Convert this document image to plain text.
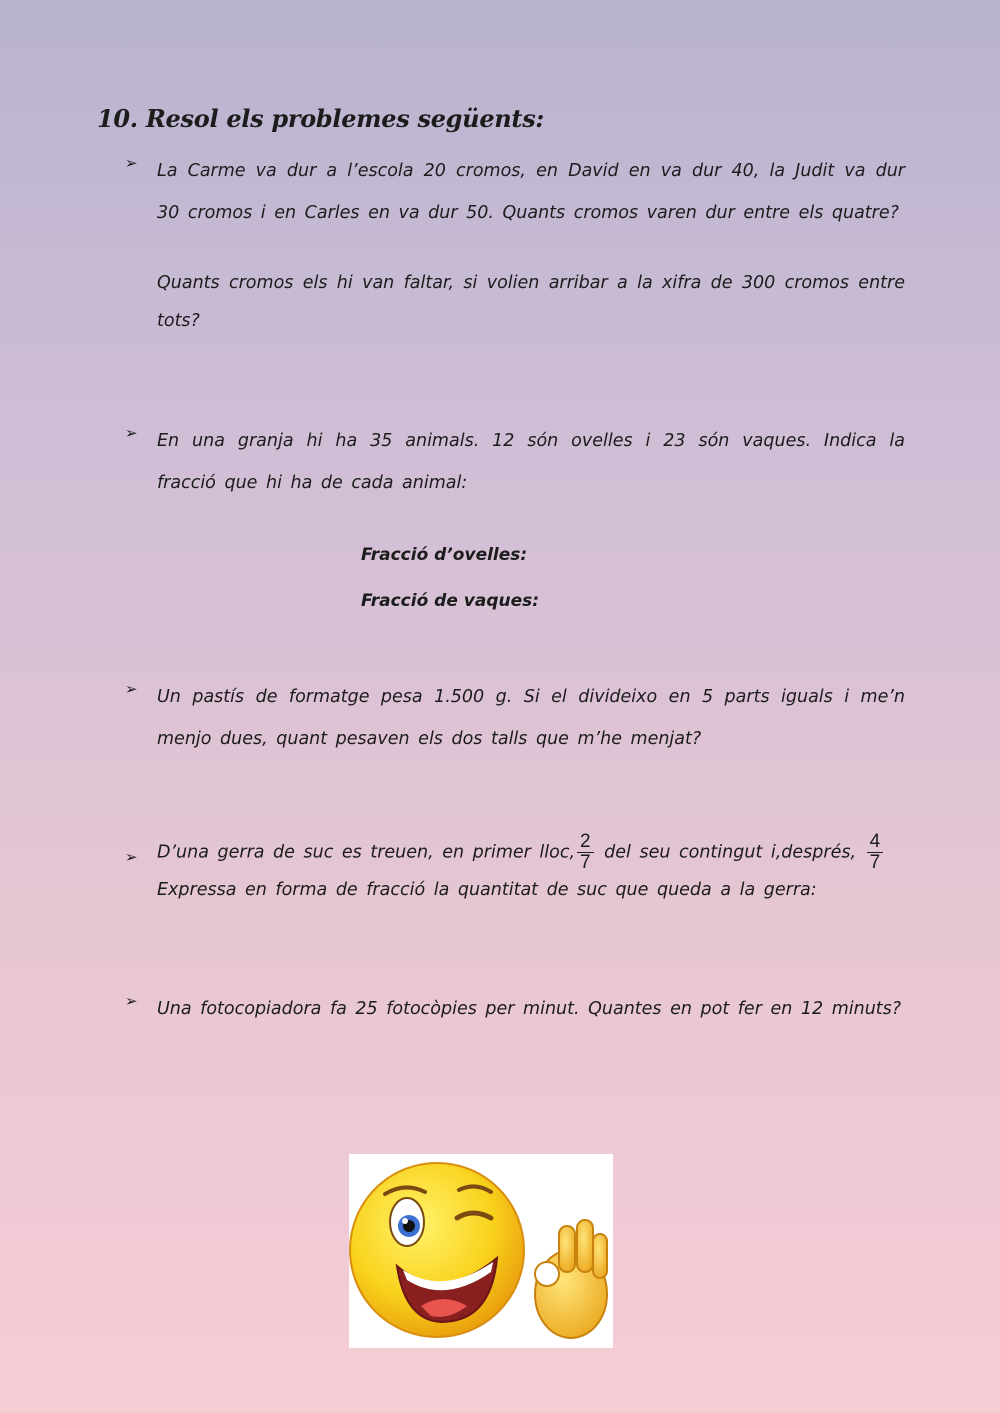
10. Resol els problemes següents:
➢ La Carme va dur a l’escola 20 cromos, en David en va dur 40, la Judit va dur 30 cromos i en Carles en va dur 50. Quants cromos varen dur entre els quatre?

Quants cromos els hi van faltar, si volien arribar a la xifra de 300 cromos entre tots?

➢ En una granja hi ha 35 animals. 12 són ovelles i 23 són vaques. Indica la fracció que hi ha de cada animal:

Fracció d’ovelles:
Fracció de vaques:
➢ Un pastís de formatge pesa 1.500 g. Si el divideixo en 5 parts iguals i me’n menjo dues, quant pesaven els dos talls que m’he menjat?

➢ D’una gerra de suc es treuen, en primer lloc, $\frac{2}{7}$ del seu contingut i,després, $\frac{4}{7}$

Expressa en forma de fracció la quantitat de suc que queda a la gerra:

➢ Una fotocopiadora fa 25 fotocòpies per minut. Quantes en pot fer en 12 minuts?
